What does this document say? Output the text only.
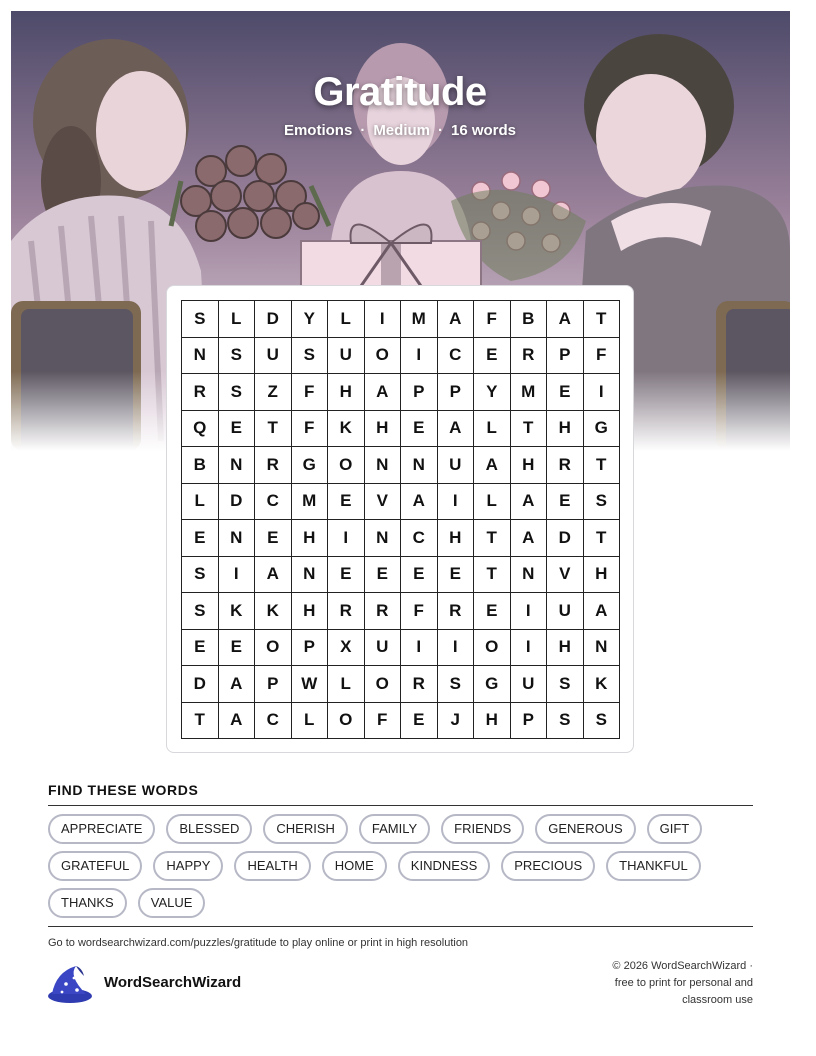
Gratitude
Emotions · Medium · 16 words
S	L	D	Y	L	I	M	A	F	B	A	T
N	S	U	S	U	O	I	C	E	R	P	F
R	S	Z	F	H	A	P	P	Y	M	E	I
Q	E	T	F	K	H	E	A	L	T	H	G
B	N	R	G	O	N	N	U	A	H	R	T
L	D	C	M	E	V	A	I	L	A	E	S
E	N	E	H	I	N	C	H	T	A	D	T
S	I	A	N	E	E	E	E	T	N	V	H
S	K	K	H	R	R	F	R	E	I	U	A
E	E	O	P	X	U	I	I	O	I	H	N
D	A	P	W	L	O	R	S	G	U	S	K
T	A	C	L	O	F	E	J	H	P	S	S
FIND THESE WORDS
APPRECIATE	BLESSED	CHERISH	FAMILY	FRIENDS	GENEROUS	GIFT
GRATEFUL	HAPPY	HEALTH	HOME	KINDNESS	PRECIOUS	THANKFUL
THANKS	VALUE
Go to wordsearchwizard.com/puzzles/gratitude to play online or print in high resolution
WordSearchWizard
© 2026 WordSearchWizard ·
free to print for personal and
classroom use
